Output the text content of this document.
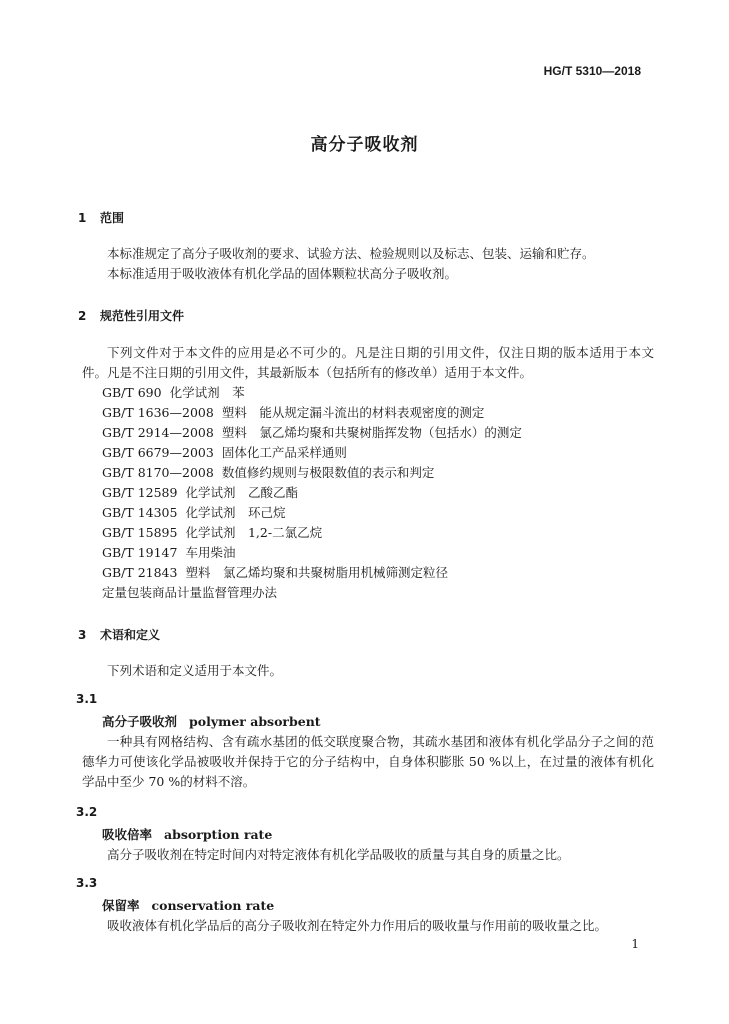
HG/T 5310—2018
高分子吸收剂
1 范围
本标准规定了高分子吸收剂的要求、试验方法、检验规则以及标志、包装、运输和贮存。
本标准适用于吸收液体有机化学品的固体颗粒状高分子吸收剂。
2 规范性引用文件
下列文件对于本文件的应用是必不可少的。凡是注日期的引用文件，仅注日期的版本适用于本文件。凡是不注日期的引用文件，其最新版本（包括所有的修改单）适用于本文件。
GB/T 690 化学试剂　苯
GB/T 1636—2008 塑料　能从规定漏斗流出的材料表观密度的测定
GB/T 2914—2008 塑料　氯乙烯均聚和共聚树脂挥发物（包括水）的测定
GB/T 6679—2003 固体化工产品采样通则
GB/T 8170—2008 数值修约规则与极限数值的表示和判定
GB/T 12589 化学试剂　乙酸乙酯
GB/T 14305 化学试剂　环己烷
GB/T 15895 化学试剂　1,2-二氯乙烷
GB/T 19147 车用柴油
GB/T 21843 塑料　氯乙烯均聚和共聚树脂用机械筛测定粒径
定量包装商品计量监督管理办法
3 术语和定义
下列术语和定义适用于本文件。
3.1
高分子吸收剂 polymer absorbent
一种具有网格结构、含有疏水基团的低交联度聚合物，其疏水基团和液体有机化学品分子之间的范德华力可使该化学品被吸收并保持于它的分子结构中，自身体积膨胀 50 %以上，在过量的液体有机化学品中至少 70 %的材料不溶。
3.2
吸收倍率 absorption rate
高分子吸收剂在特定时间内对特定液体有机化学品吸收的质量与其自身的质量之比。
3.3
保留率 conservation rate
吸收液体有机化学品后的高分子吸收剂在特定外力作用后的吸收量与作用前的吸收量之比。
1
